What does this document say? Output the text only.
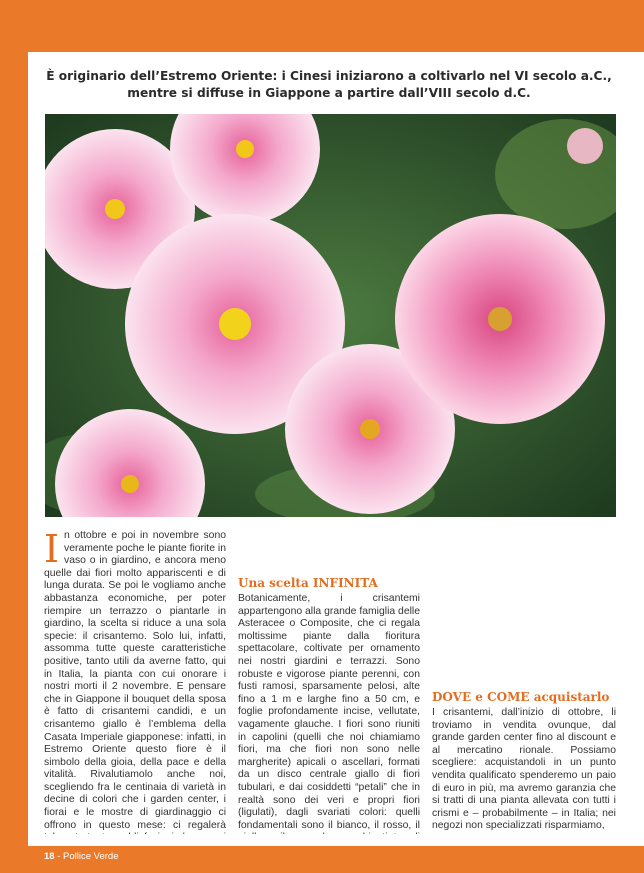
È originario dell’Estremo Oriente: i Cinesi iniziarono a coltivarlo nel VI secolo a.C., mentre si diffuse in Giappone a partire dall’VIII secolo d.C.

In ottobre e poi in novembre sono veramente poche le piante fiorite in vaso o in giardino, e ancora meno quelle dai fiori molto appariscenti e di lunga durata. Se poi le vogliamo anche abbastanza economiche, per poter riempire un terrazzo o piantarle in giardino, la scelta si riduce a una sola specie: il crisantemo. Solo lui, infatti, assomma tutte queste caratteristiche positive, tanto utili da averne fatto, qui in Italia, la pianta con cui onorare i nostri morti il 2 novembre. E pensare che in Giappone il bouquet della sposa è fatto di crisantemi candidi, e un crisantemo giallo è l’emblema della Casata Imperiale giapponese: infatti, in Estremo Oriente questo fiore è il simbolo della gioia, della pace e della vitalità. Rivalutiamolo anche noi, scegliendo fra le centinaia di varietà in decine di colori che i garden center, i fiorai e le mostre di giardinaggio ci offrono in questo mese: ci regalerà

Una scelta INFINITA

Botanicamente, i crisantemi appartengono alla grande famiglia delle Asteracee o Composite, che ci regala moltissime piante dalla fioritura spettacolare, coltivate per ornamento nei nostri giardini e terrazzi. Sono robuste e vigorose piante perenni, con fusti ramosi, sparsamente pelosi, alte fino a 1 m e larghe fino a 50 cm, e foglie profondamente incise, vellutate, vagamente glauche. I fiori sono riuniti in capolini (quelli che noi chiamiamo fiori, ma che fiori non sono nelle margherite) apicali o ascellari, formati da un disco centrale giallo di fiori tubulari, e dai cosiddetti “petali” che in realtà sono dei veri e propri fiori (ligulati), dagli svariati colori: quelli fondamentali sono il bianco, il rosso, il

DOVE e COME acquistarlo

I crisantemi, dall’inizio di ottobre, li troviamo in vendita ovunque, dal grande garden center fino al discount e al mercatino rionale. Possiamo scegliere: acquistandoli in un punto vendita qualificato spenderemo un paio di euro in più, ma avremo garanzia che si tratti di una pianta allevata con tutti i crismi e – probabilmente – in Italia; nei negozi non specializzati risparmiamo,

18 - Pollice Verde
